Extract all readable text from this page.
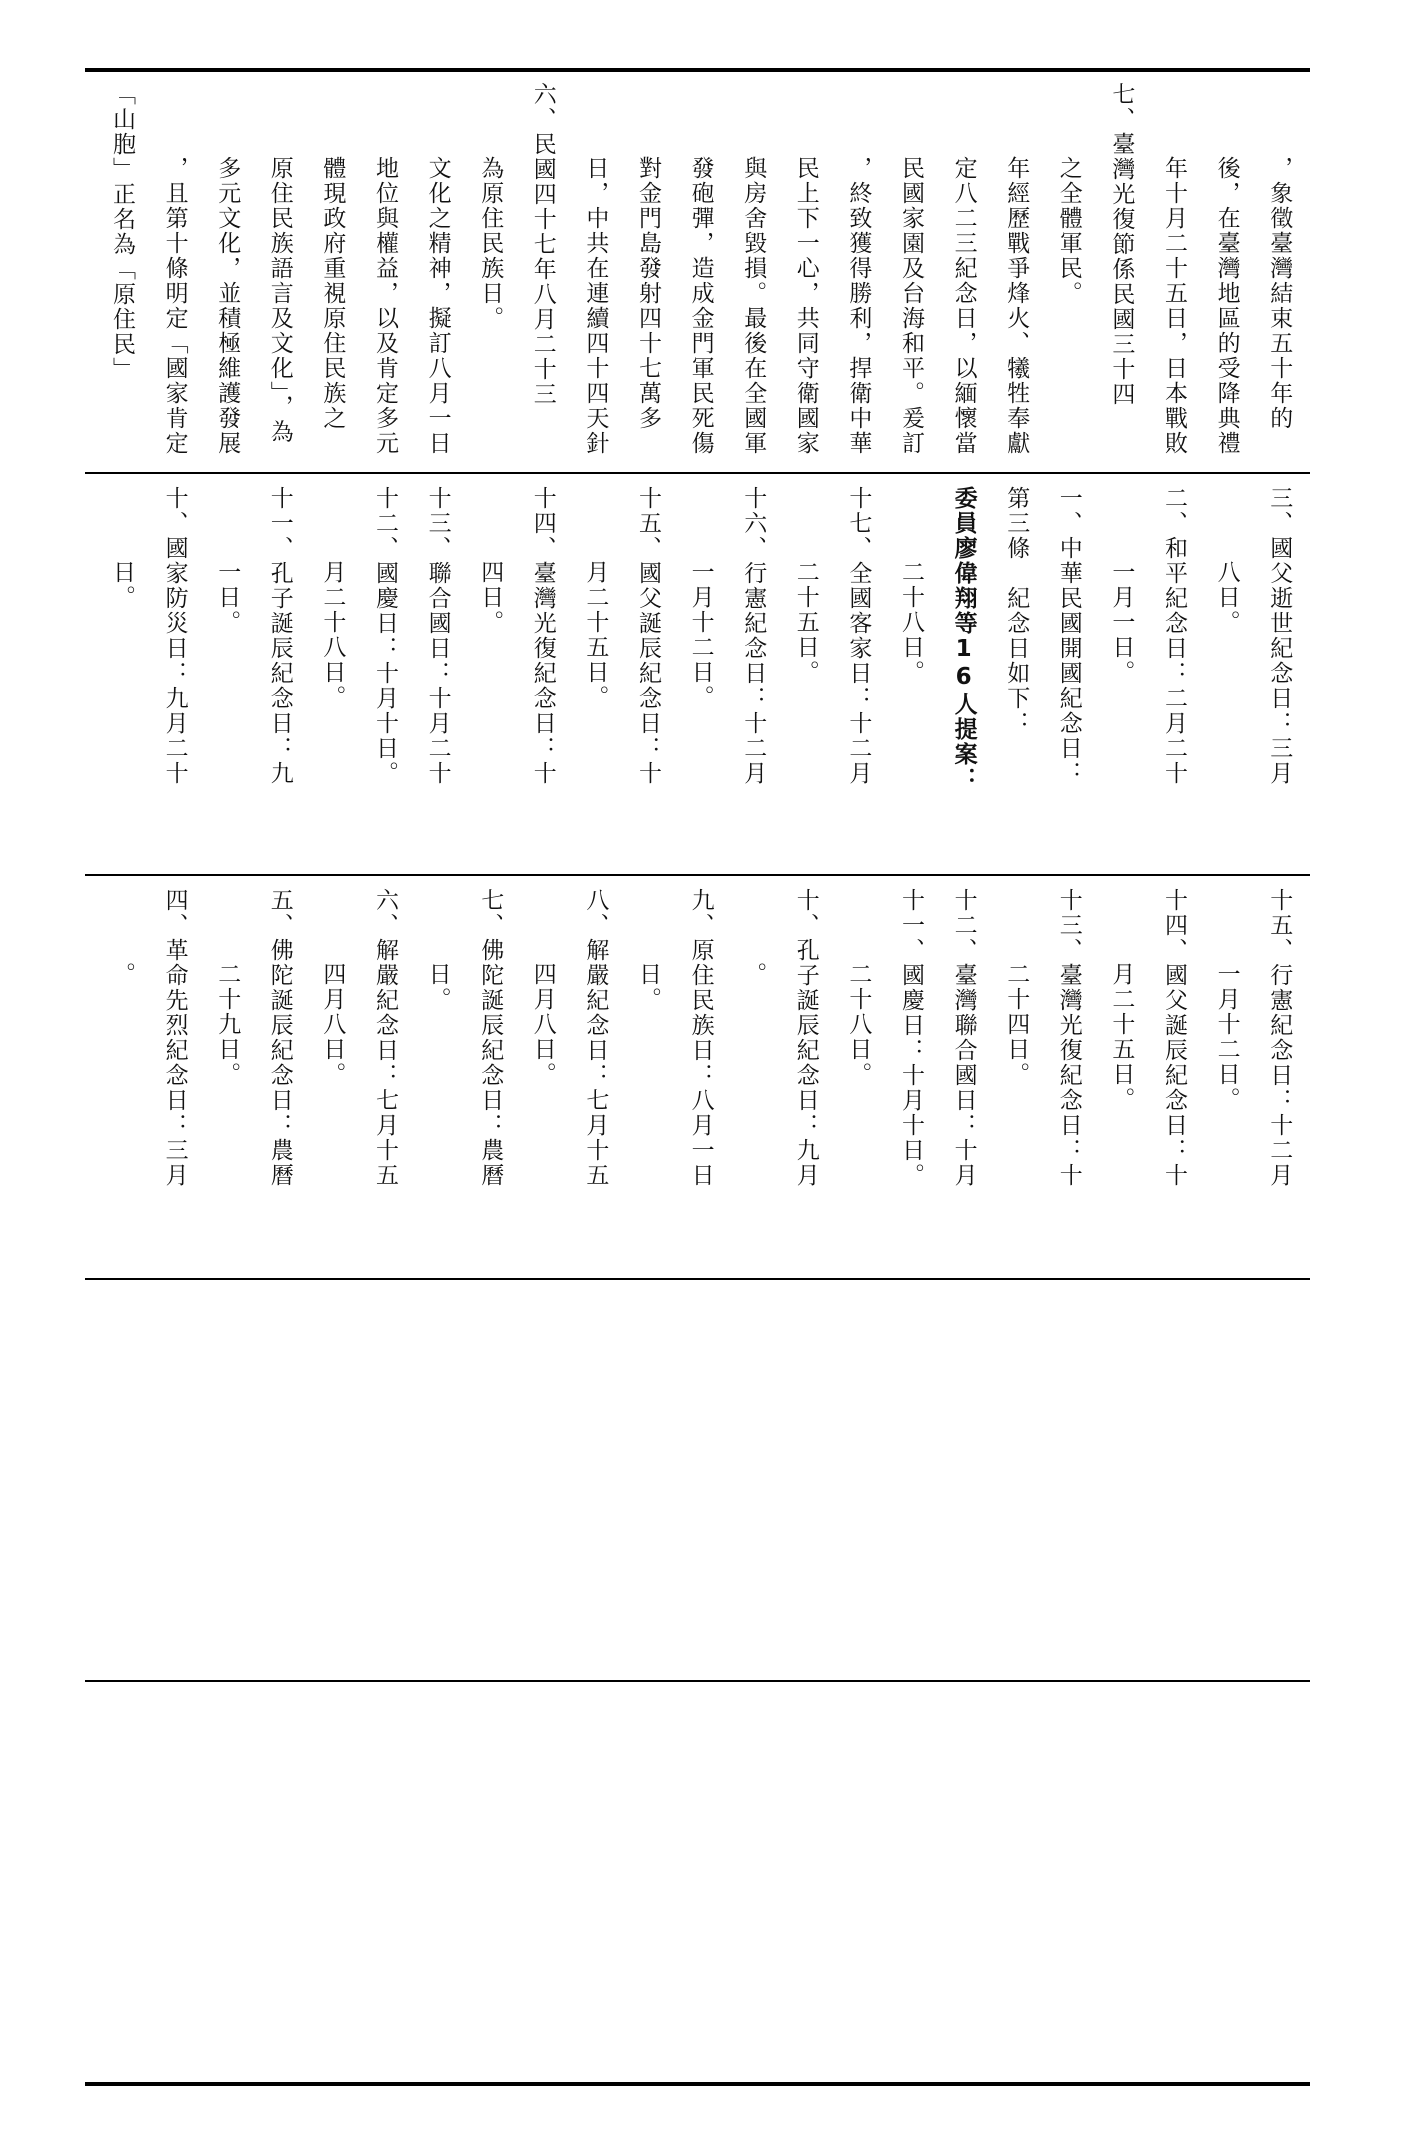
「山胞」正名為「原住民」 ，且第十條明定「國家肯定 多元文化，並積極維護發展 原住民族語言及文化」，為 體現政府重視原住民族之 地位與權益，以及肯定多元 文化之精神，擬訂八月一日 為原住民族日。 六、民國四十七年八月二十三 日，中共在連續四十四天針 對金門島發射四十七萬多 發砲彈，造成金門軍民死傷 與房舍毀損。最後在全國軍 民上下一心，共同守衛國家 ，終致獲得勝利，捍衛中華 民國家園及台海和平。爰訂 定八二三紀念日，以緬懷當 年經歷戰爭烽火、犧牲奉獻 之全體軍民。 七、臺灣光復節係民國三十四 年十月二十五日，日本戰敗 後，在臺灣地區的受降典禮 ，象徵臺灣結束五十年的
日。 十、國家防災日：九月二十 一日。 十一、孔子誕辰紀念日：九 月二十八日。 十二、國慶日：十月十日。 十三、聯合國日：十月二十 四日。 十四、臺灣光復紀念日：十 月二十五日。 十五、國父誕辰紀念日：十 一月十二日。 十六、行憲紀念日：十二月 二十五日。 十七、全國客家日：十二月 二十八日。 委員廖偉翔等16人提案： 第三條　紀念日如下： 一、中華民國開國紀念日： 一月一日。 二、和平紀念日：二月二十 八日。 三、國父逝世紀念日：三月
。 四、革命先烈紀念日：三月 二十九日。 五、佛陀誕辰紀念日：農曆 四月八日。 六、解嚴紀念日：七月十五 日。 七、佛陀誕辰紀念日：農曆 四月八日。 八、解嚴紀念日：七月十五 日。 九、原住民族日：八月一日 。 十、孔子誕辰紀念日：九月 二十八日。 十一、國慶日：十月十日。 十二、臺灣聯合國日：十月 二十四日。 十三、臺灣光復紀念日：十 月二十五日。 十四、國父誕辰紀念日：十 一月十二日。 十五、行憲紀念日：十二月
